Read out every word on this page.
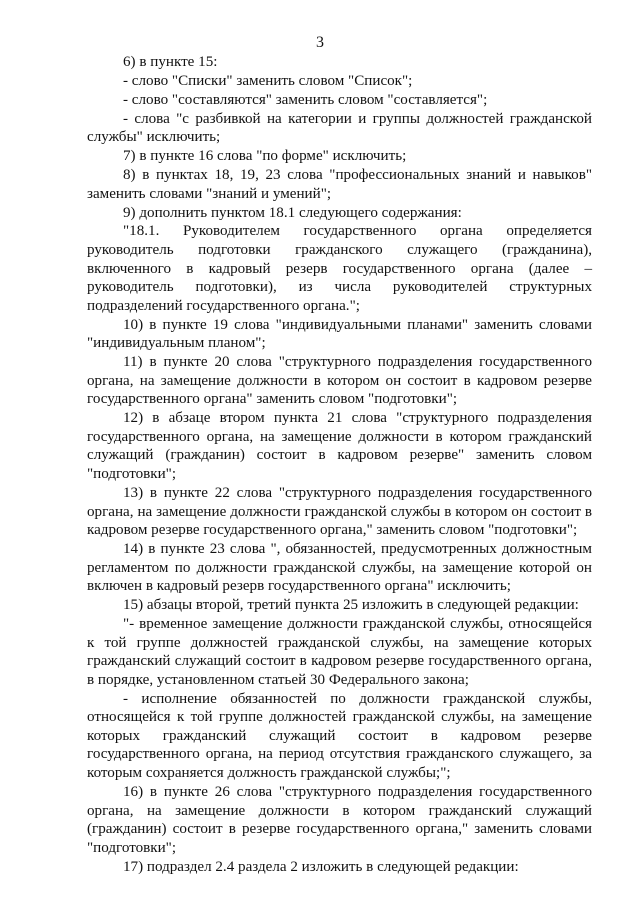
3

6) в пункте 15:

- слово "Списки" заменить словом "Список";

- слово "составляются" заменить словом "составляется";

- слова "с разбивкой на категории и группы должностей гражданской службы" исключить;

7) в пункте 16 слова "по форме" исключить;

8) в пунктах 18, 19, 23 слова "профессиональных знаний и навыков" заменить словами "знаний и умений";

9) дополнить пунктом 18.1 следующего содержания:

"18.1. Руководителем государственного органа определяется руководитель подготовки гражданского служащего (гражданина), включенного в кадровый резерв государственного органа (далее – руководитель подготовки), из числа руководителей структурных подразделений государственного органа.";

10) в пункте 19 слова "индивидуальными планами" заменить словами "индивидуальным планом";

11) в пункте 20 слова "структурного подразделения государственного органа, на замещение должности в котором он состоит в кадровом резерве государственного органа" заменить словом "подготовки";

12) в абзаце втором пункта 21 слова "структурного подразделения государственного органа, на замещение должности в котором гражданский служащий (гражданин) состоит в кадровом резерве" заменить словом "подготовки";

13) в пункте 22 слова "структурного подразделения государственного органа, на замещение должности гражданской службы в котором он состоит в кадровом резерве государственного органа," заменить словом "подготовки";

14) в пункте 23 слова ", обязанностей, предусмотренных должностным регламентом по должности гражданской службы, на замещение которой он включен в кадровый резерв государственного органа" исключить;

15) абзацы второй, третий пункта 25 изложить в следующей редакции:

"- временное замещение должности гражданской службы, относящейся к той группе должностей гражданской службы, на замещение которых гражданский служащий состоит в кадровом резерве государственного органа, в порядке, установленном статьей 30 Федерального закона;

- исполнение обязанностей по должности гражданской службы, относящейся к той группе должностей гражданской службы, на замещение которых гражданский служащий состоит в кадровом резерве государственного органа, на период отсутствия гражданского служащего, за которым сохраняется должность гражданской службы;";

16) в пункте 26 слова "структурного подразделения государственного органа, на замещение должности в котором гражданский служащий (гражданин) состоит в резерве государственного органа," заменить словами "подготовки";

17) подраздел 2.4 раздела 2 изложить в следующей редакции:
